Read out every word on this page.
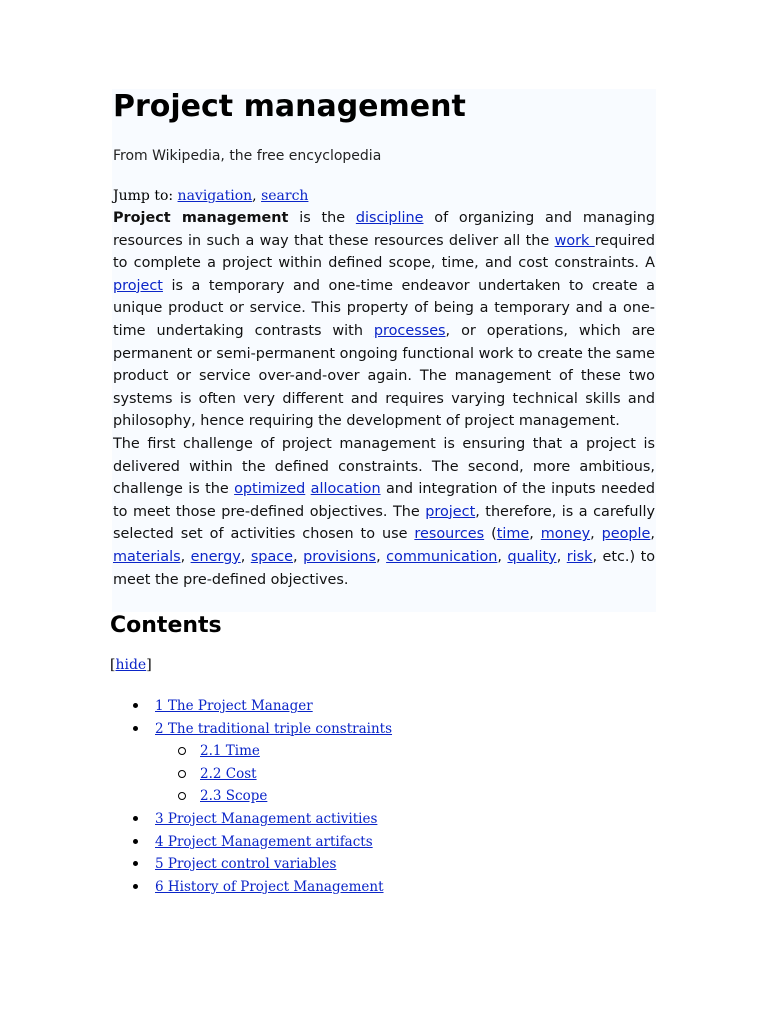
Project management
From Wikipedia, the free encyclopedia
Jump to: navigation, search

Project management is the discipline of organizing and managing resources in such a way that these resources deliver all the work required to complete a project within defined scope, time, and cost constraints. A project is a temporary and one-time endeavor undertaken to create a unique product or service. This property of being a temporary and a one-time undertaking contrasts with processes, or operations, which are permanent or semi-permanent ongoing functional work to create the same product or service over-and-over again. The management of these two systems is often very different and requires varying technical skills and philosophy, hence requiring the development of project management.

The first challenge of project management is ensuring that a project is delivered within the defined constraints. The second, more ambitious, challenge is the optimized allocation and integration of the inputs needed to meet those pre-defined objectives. The project, therefore, is a carefully selected set of activities chosen to use resources (time, money, people, materials, energy, space, provisions, communication, quality, risk, etc.) to meet the pre-defined objectives.

Contents
[hide]
1 The Project Manager
2 The traditional triple constraints
2.1 Time
2.2 Cost
2.3 Scope
3 Project Management activities
4 Project Management artifacts
5 Project control variables
6 History of Project Management
